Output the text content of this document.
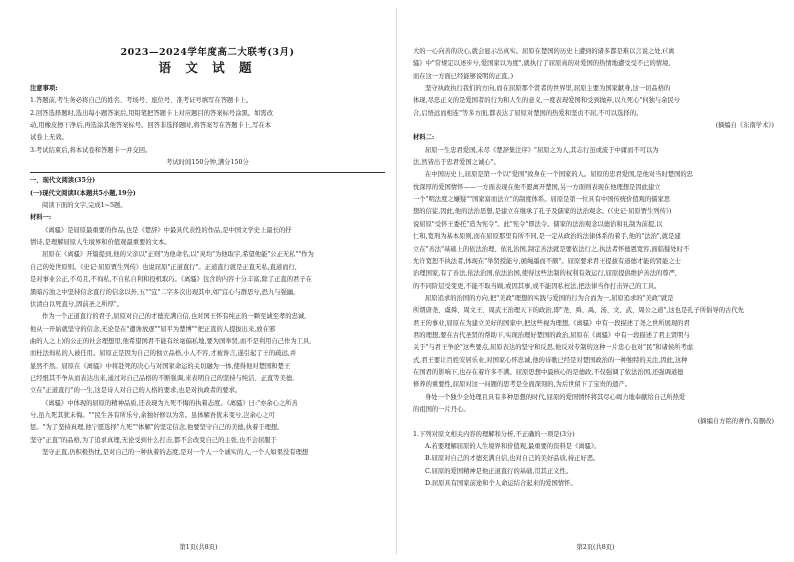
2023—2024学年度高二大联考(3月)
语 文 试 题
注意事项:
1.答题前,考生务必将自己的姓名、考场号、座位号、准考证号填写在答题卡上。
2.回答选择题时,选出每小题答案后,用铅笔把答题卡上对应题目的答案标号涂黑。如需改
动,用橡皮擦干净后,再选涂其他答案标号。回答非选择题时,将答案写在答题卡上,写在本
试卷上无效。
3.考试结束后,将本试卷和答题卡一并交回。
考试时间150分钟,满分150分
一、现代文阅读(35分)
(一)现代文阅读Ⅰ(本题共5小题,19分)
阅读下面的文字,完成1~5题。
材料一:
《离骚》是屈原最重要的作品,也是《楚辞》中最具代表性的作品,是中国文学史上最长的抒
情诗,是理解屈原人生境界和价值观最重要的文本。
屈原在《离骚》开篇提到,他的父亲以"正则"为他命名,以"灵均"为他取字,希望他能"公正无私""作为
自己的处世原则。《史记·屈原贾生列传》也说屈原"正道直行"。正道直行就是正直无私,直道而行,
是对事业公正,不苟且,不徇私,不自私自利和投机取巧。《离骚》包含的内容十分丰富,除了正直的君子在
黑暗污浊之中坚持信念直行的信念以外,五""宜"二字多次出现其中,如"宜心与群思兮,恐九与强幽,
伏清白以死直兮,固前圣之所厚"。
作为一个正道直行的君子,屈原对自己的才德充满自信,也对国王怀有纯正的一颗至诚至孝的忠诚,
他从一开始就坚守的信念,无论是在"遭谗放逐""屈平为楚博""把正直的人提拔出来,放在邪
曲的人之上)的公正的社会理想里,他希望国君不能有丝毫偏私地,要为国举贤,而不是利用自己作为工具,
而枉法徇私的人被任用。屈原正是因为自己的独立品格,小人不容,才被谗言,遂引起了王的疏远,并
显然不然。屈原在《离骚》中将赴死的决心与对国家命运的关切融为一体,使得他对楚国和楚王
已经恨其不争从而表达出来,通过对自己品格的不断强调,来表明自己的坚持与纯洁、正直等美德,
立在"正道直行"的一生,这是诗人对自己的人格的要求,也是对执政者的要求。
《离骚》中体现的屈原的精神品质,还表现为九死不悔的执着态度。《离骚》曰:"亦余心之所善
兮,虽九死其犹未悔。""民生各有所乐兮,余独好修以为常。虽体解吾犹未变兮,岂余心之可
惩。"为了坚持真理,他宁愿选择"九死""体解"的坚定信念,他要坚守自己的美德,执着于理想,
坚守"正直"的品格,为了追求真理,无论受到什么打击,都不会改变自己的主张,也不会屈服于
坚守正直,仍积极热忱,是对自己的一种执着的态度,是对一个人一个诚实的人,一个人如果没有理想
第1页(共8页)
大的一心向善的决心,就会显示出真实。屈原在楚国的历史上遭到的诸多都是难以言说之处,(《离
骚》中"常规定以述步兮,爱国家以为度",就执行了屈原真的对爱国的热情地遭受受不已的情境,
而在这一方面已经能够说明的正直。)
坚守执政执行我们的方向,而在屈原那个贤者的世界里,屈原主要为国家献身,这一切品格的
体现,尽忠正义的是爱国者的行为和人生的意义,一度表现爱国和受到抛弃,以九死心"何独与余民兮
合,启悟远而相连"等多方面,都表达了屈原对楚国的热爱和坚贞不屈,不可以选择的。
(摘编自《东南学术》)
材料二:
屈原一生忠君爱国,未尽《楚辞集注序》"屈原之为人,其志行虽或流于中庸而不可以为
法,然皆出于忠君爱国之诚心"。
在中国历史上,屈原是第一个以"爱国"致身在一个国家的人。屈原的忠君爱国,是他对当时楚国的忠
忱深厚的爱国情怀——一方面表现在他不愿离开楚国,另一方面则表现在他理想是因此建立
一个"明法度之嫌疑""国家富而法立"的制度体系。屈原是第一位具有中国传统价值观的儒家思
想的信徒,因此,他的法治思想,是建立在继承了孔子及儒家的法治观念。(《史记·屈原贾生列传》)
说屈原"受怀王委托"造为宪令"。此"宪令"即法令。儒家的法治观念以德治和礼制为前提,以
仁和,宽刑为基本原则,而在屈原那里有所不同,是一定从政治的法律体系的着手,他的"法治",就是建
立在"善法"基础上的依法治理、依礼治国,制定善法就是要依法行之,执法者怀德恩宽容,面临疑处时不
允许宽恕不执法者,体现在"举贤授能兮,循绳墨而不颇"。屈原要求君王提拔有道德才能的贤能之士
治理国家,有了善法,依法治国,依法治国,使得这些法制的权利有效运行,屈原提倡维护善法的尊严,
的不同阶层受变更,不能不取当顾,或因其事,或不能因私枉法,把法律当作打击异己的工具。
屈原追求的治国的方向,把"美政"理想的实践与爱国的行为合而为一,屈原追求的"美政"就是
所谓唐尧、虞舜、周文王、周武王治理天下的政治,即"尧、舜、禹、汤、文、武、周公之道",这也是孔子所倡导的古代先
君王的事业,屈原在为建立美好的国家中,把这些视为理想,《离骚》中有一段描述了尧之世所展现的君
君的理想,要在古代圣贤的帮助下,实现治理好楚国的政治,屈原在《离骚》中有一段描述了君主贤明与
关于"与君王争论"这些要点,屈原表达的坚守和反思,他反对专制的这种一片忠心也对"民"和诸侯所考虑
式,君王要让百姓安居乐业,对国家心怀忠诚,他的诗歌已经是对楚国政治的一种独特的关注,因此,这种
在国君的影响下,也存在着许多不满。屈原思想中最核心的是德政,不仅强调了依法治国,还强调道德
修养的重要性,屈原对这一问题的思考是全面深刻的,为后世留下了宝贵的遗产。
身处一个独少全处理且具有多种思想的时代,屈原的爱国情怀将其尽心竭力地奉献给自己所热爱
的祖国的一片丹心。
(摘编自方铭的著作,有删改)
1.下列对原文相关内容的理解和分析,不正确的一项是(3分)
A.若要理解屈原的人生境界和价值观,最重要的资料是《离骚》。
B.屈原对自己的才德充满自信,也对自己的美好品质,持正好恶。
C.屈原的爱国精神是他正道直行的基础,贯其正义性。
D.屈原具有国家前途和个人命运结合起来的爱国情怀。
第2页(共8页)
